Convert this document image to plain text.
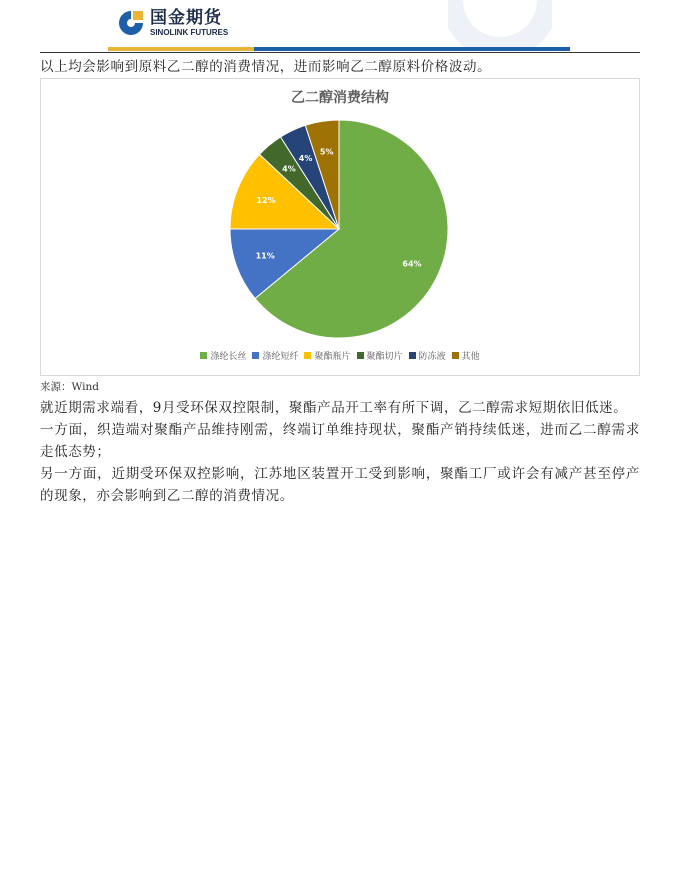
国金期货
SINOLINK FUTURES
以上均会影响到原料乙二醇的消费情况，进而影响乙二醇原料价格波动。
64%
11%
12%
4%
4%
5%
乙二醇消费结构
涤纶长丝 涤纶短纤 聚酯瓶片 聚酯切片 防冻液 其他
来源：Wind

就近期需求端看，9月受环保双控限制，聚酯产品开工率有所下调，乙二醇需求短期依旧低迷。

一方面，织造端对聚酯产品维持刚需，终端订单维持现状，聚酯产销持续低迷，进而乙二醇需求走低态势；

另一方面，近期受环保双控影响，江苏地区装置开工受到影响，聚酯工厂或许会有减产甚至停产的现象，亦会影响到乙二醇的消费情况。
